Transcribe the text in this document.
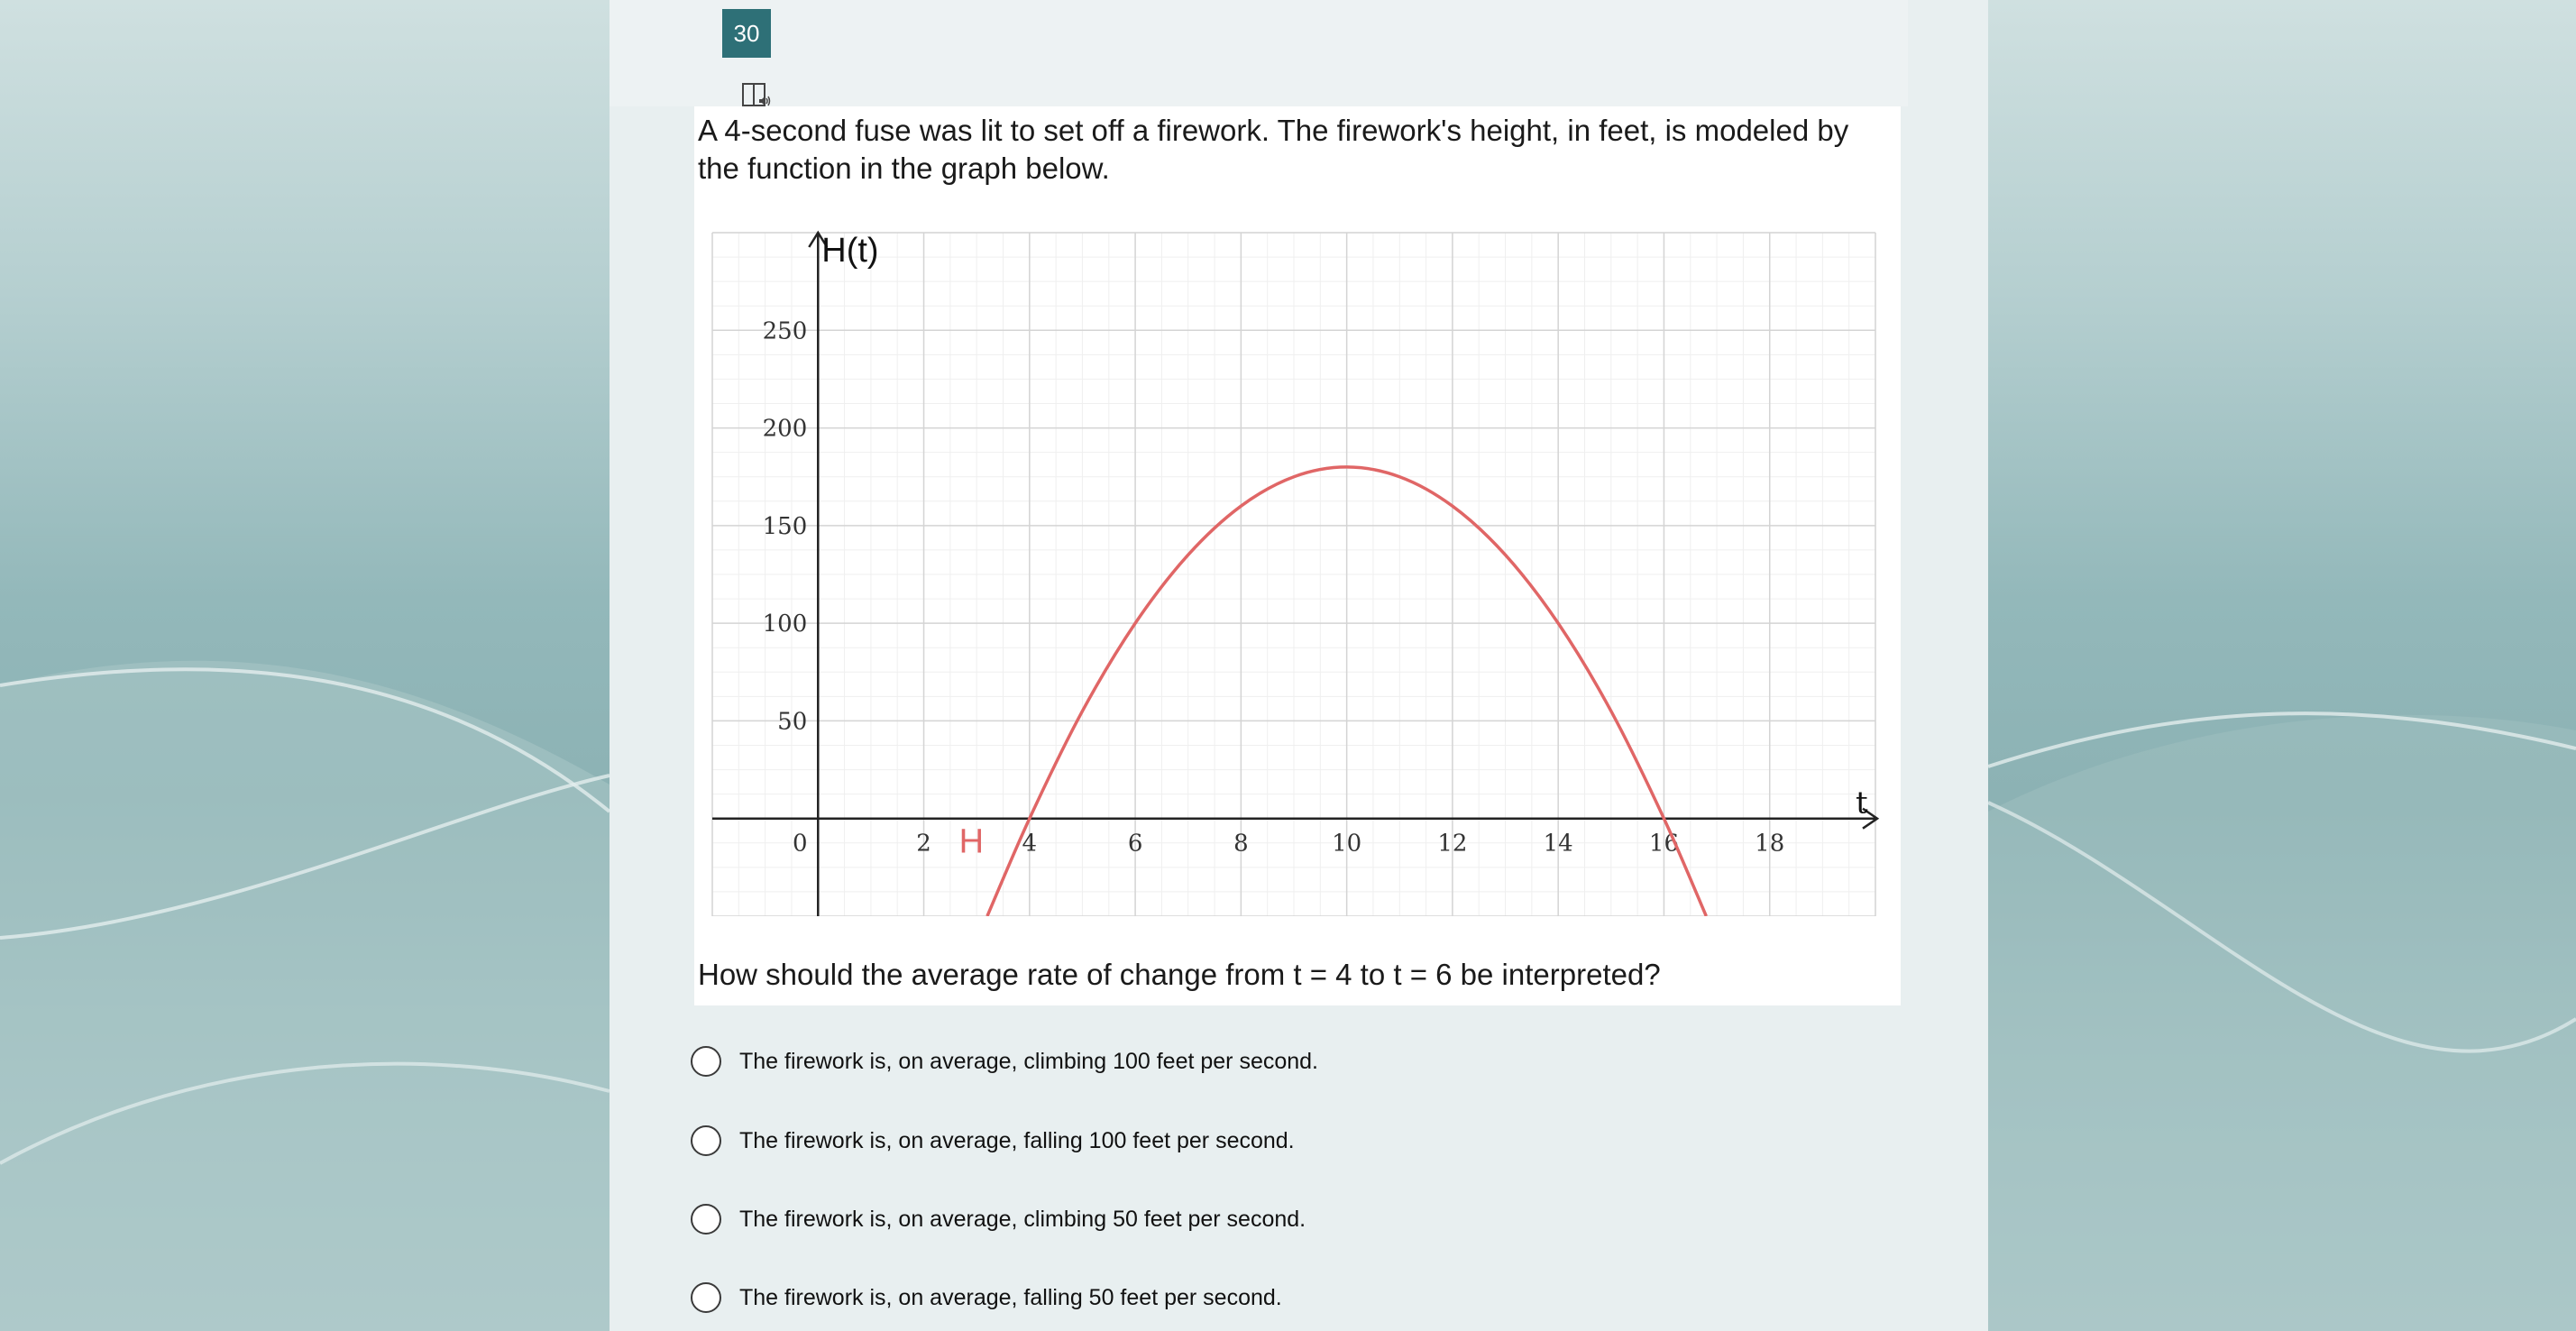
30
A 4-second fuse was lit to set off a firework. The firework's height, in feet, is modeled by the function in the graph below.
0	2	4	6	8	10	12	14	16	18
50
100
150
200
250
H
H(t)
t
How should the average rate of change from t = 4 to t = 6 be interpreted?
The firework is, on average, climbing 100 feet per second.
The firework is, on average, falling 100 feet per second.
The firework is, on average, climbing 50 feet per second.
The firework is, on average, falling 50 feet per second.
